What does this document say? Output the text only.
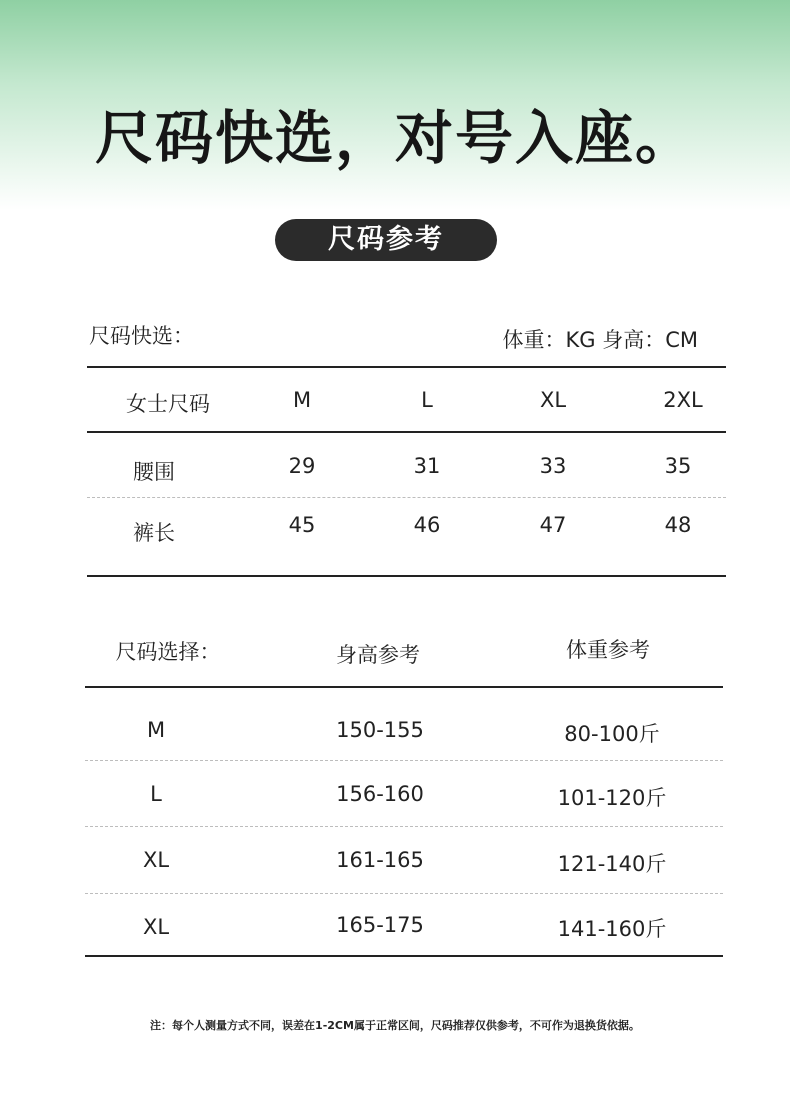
尺码快选，对号入座。
尺码参考
尺码快选：	体重：KG 身高：CM
女士尺码	M	L	XL	2XL
腰围	29	31	33	35
裤长	45	46	47	48
尺码选择：	身高参考	体重参考
M	150-155	80-100斤
L	156-160	101-120斤
XL	161-165	121-140斤
XL	165-175	141-160斤
注：每个人测量方式不同，误差在1-2CM属于正常区间，尺码推荐仅供参考，不可作为退换货依据。
